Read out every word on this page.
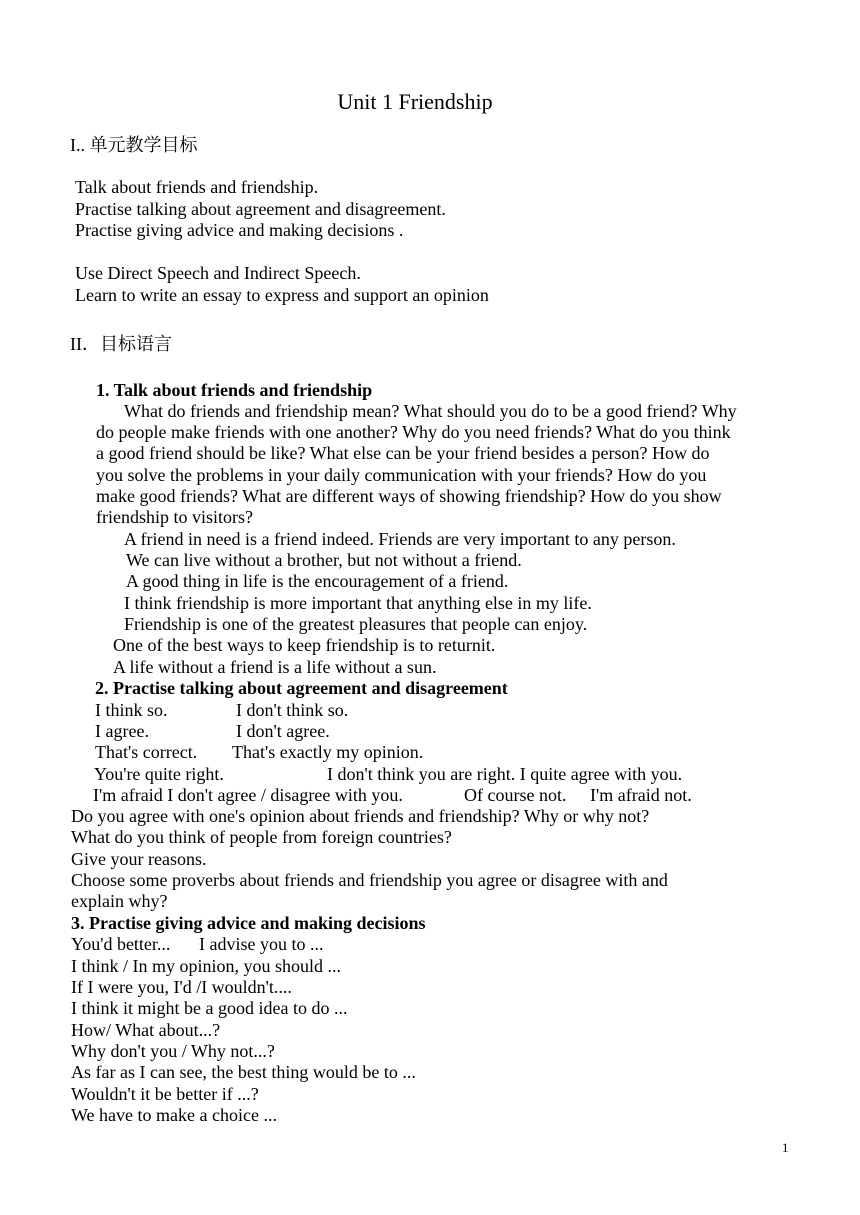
Unit 1 Friendship
I.. 单元教学目标
Talk about friends and friendship.
Practise talking about agreement and disagreement.
Practise giving advice and making decisions .
Use Direct Speech and Indirect Speech.
Learn to write an essay to express and support an opinion
II．目标语言
1. Talk about friends and friendship
What do friends and friendship mean? What should you do to be a good friend? Why
do people make friends with one another? Why do you need friends? What do you think
a good friend should be like? What else can be your friend besides a person? How do
you solve the problems in your daily communication with your friends? How do you
make good friends? What are different ways of showing friendship? How do you show
friendship to visitors?
A friend in need is a friend indeed. Friends are very important to any person.
We can live without a brother, but not without a friend.
A good thing in life is the encouragement of a friend.
I think friendship is more important that anything else in my life.
Friendship is one of the greatest pleasures that people can enjoy.
One of the best ways to keep friendship is to returnit.
A life without a friend is a life without a sun.
2. Practise talking about agreement and disagreement
I think so.	I don't think so.
I agree.	I don't agree.
That's correct. That's exactly my opinion.
You're quite right.	I don't think you are right. I quite agree with you.
I'm afraid I don't agree / disagree with you.	Of course not. I'm afraid not.
Do you agree with one's opinion about friends and friendship? Why or why not?
What do you think of people from foreign countries?
Give your reasons.
Choose some proverbs about friends and friendship you agree or disagree with and
explain why?
3. Practise giving advice and making decisions
You'd better... I advise you to ...
I think / In my opinion, you should ...
If I were you, I'd /I wouldn't....
I think it might be a good idea to do ...
How/ What about...?
Why don't you / Why not...?
As far as I can see, the best thing would be to ...
Wouldn't it be better if ...?
We have to make a choice ...
1
